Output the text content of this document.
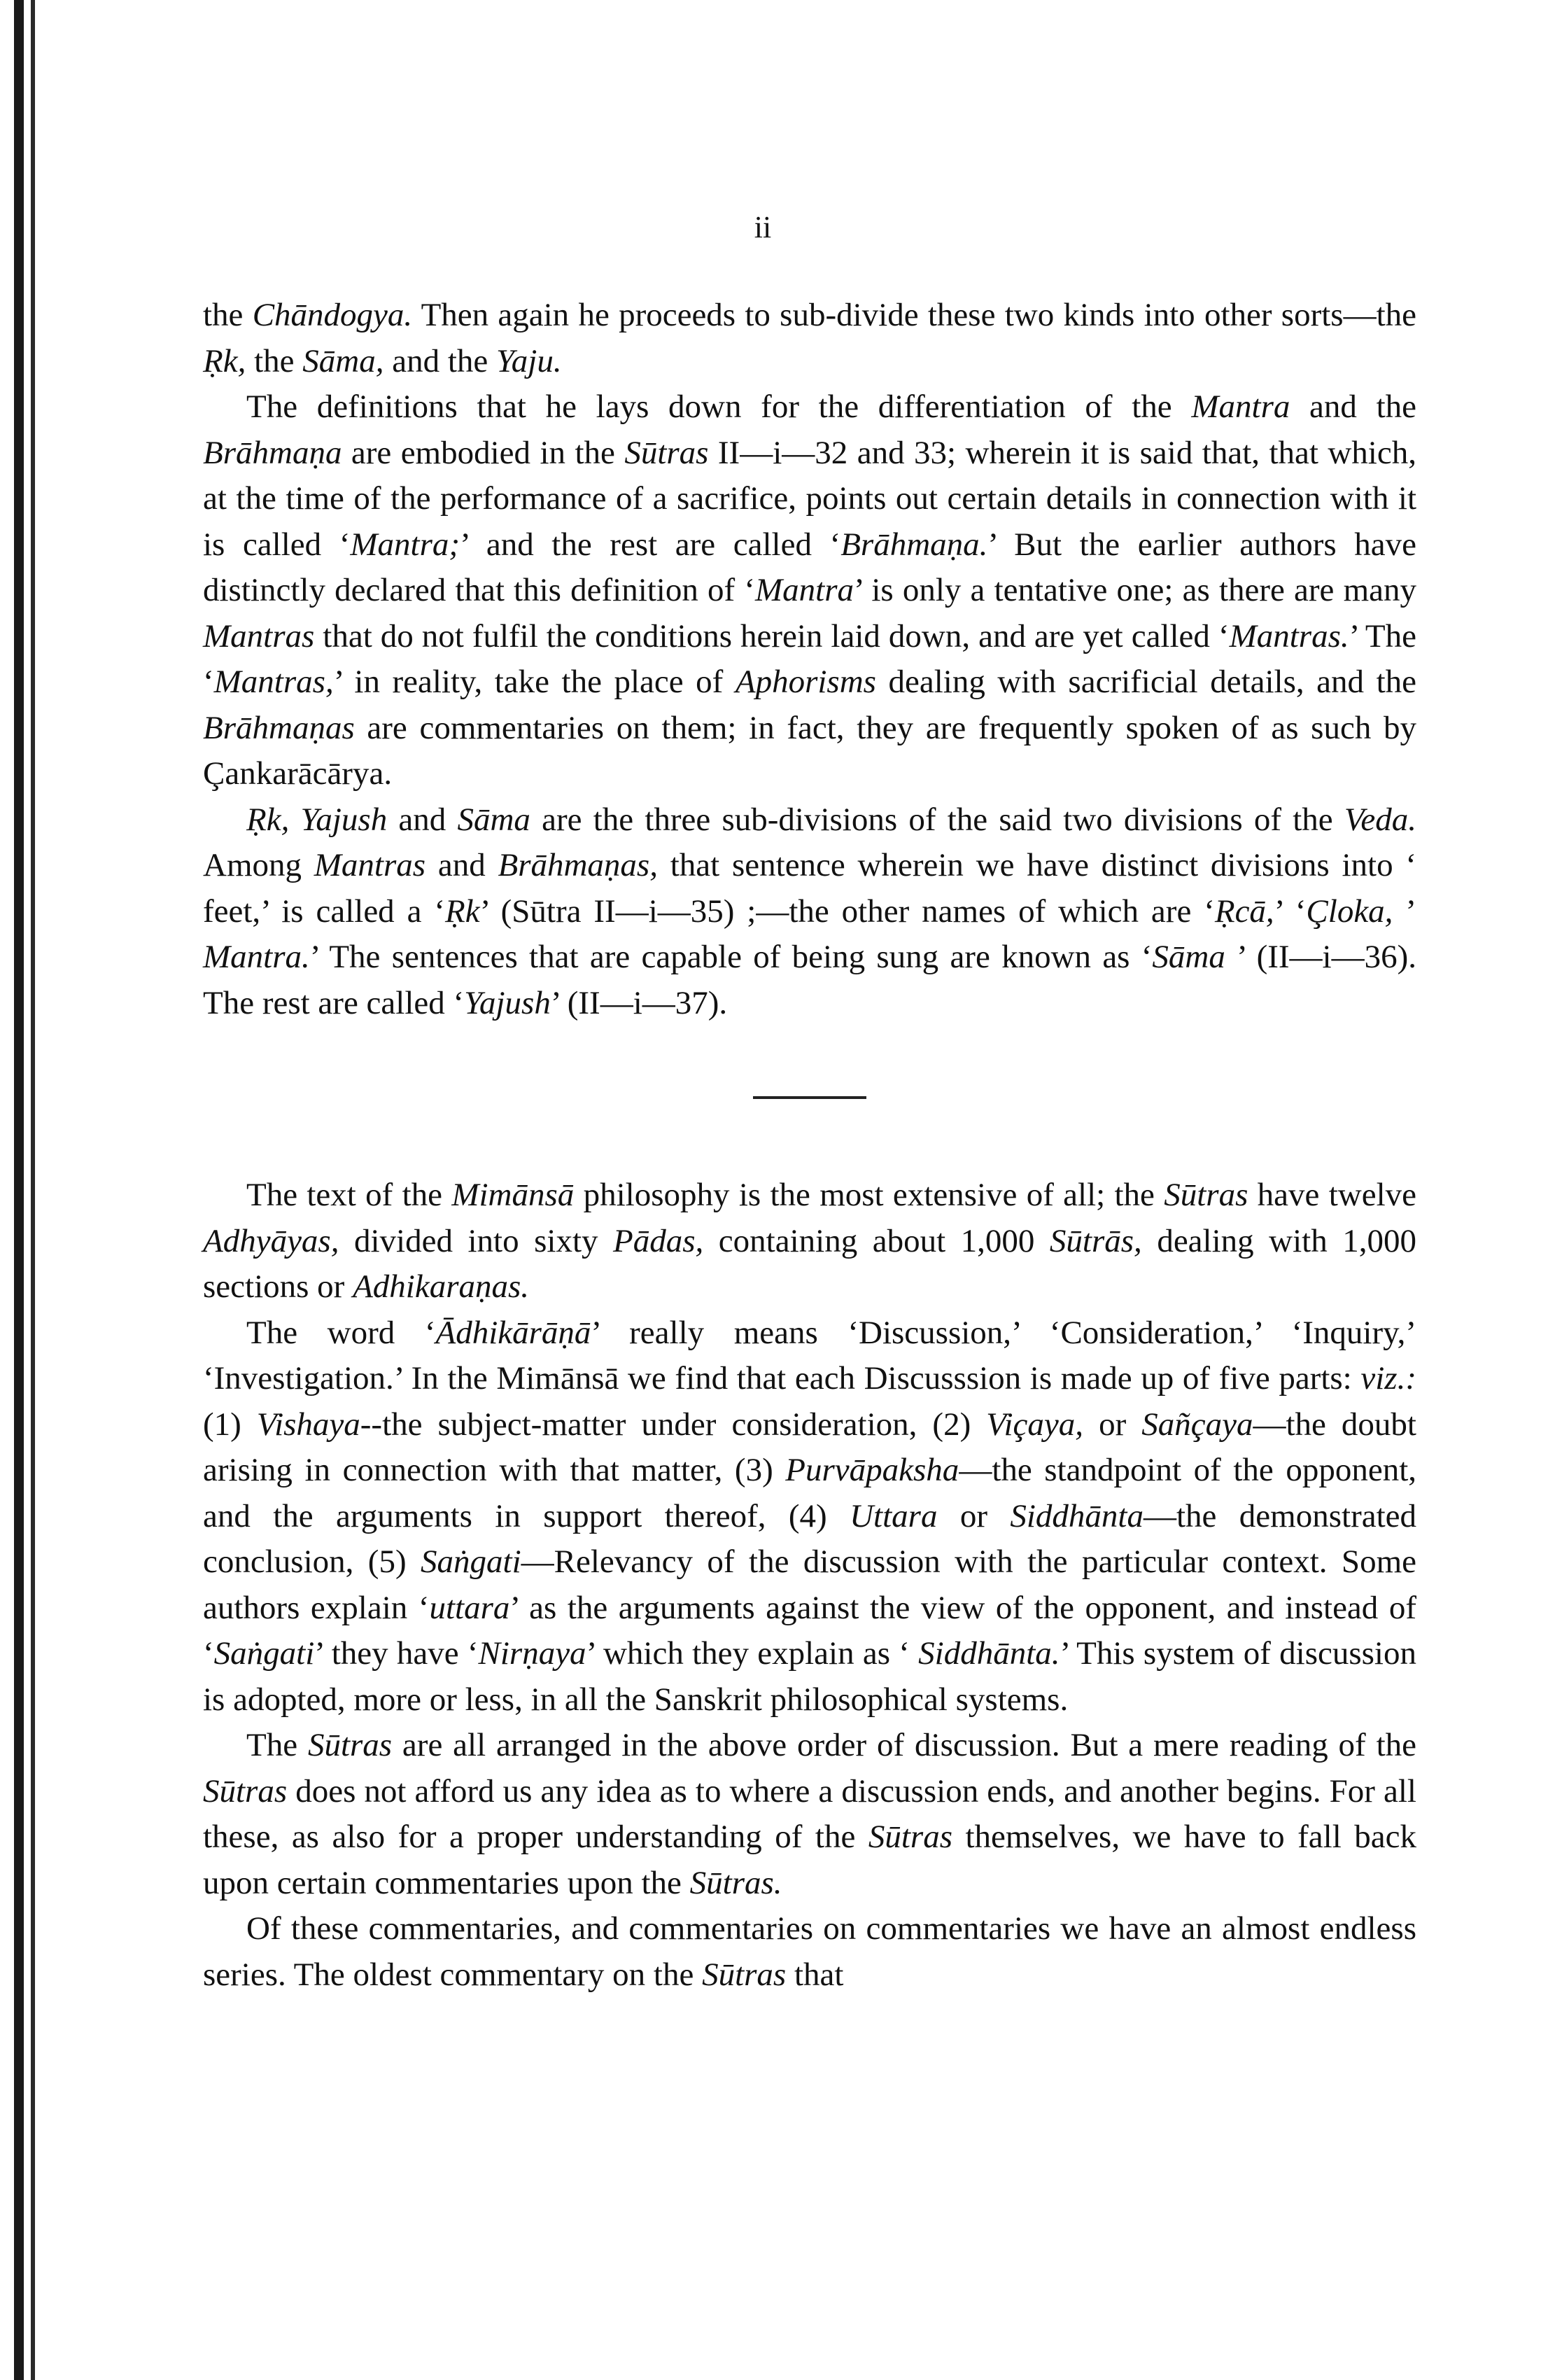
ii

the Chāndogya. Then again he proceeds to sub-divide these two kinds into other sorts—the Ṛk, the Sāma, and the Yaju.

The definitions that he lays down for the differentiation of the Mantra and the Brāhmaṇa are embodied in the Sūtras II—i—32 and 33; wherein it is said that, that which, at the time of the performance of a sacrifice, points out certain details in connection with it is called ‘Mantra;’ and the rest are called ‘Brāhmaṇa.’ But the earlier authors have distinctly declared that this definition of ‘Mantra’ is only a tentative one; as there are many Mantras that do not fulfil the conditions herein laid down, and are yet called ‘Mantras.’ The ‘Mantras,’ in reality, take the place of Aphorisms dealing with sacrificial details, and the Brāhmaṇas are commentaries on them; in fact, they are frequently spoken of as such by Çankarācārya.

Ṛk, Yajush and Sāma are the three sub-divisions of the said two divisions of the Veda. Among Mantras and Brāhmaṇas, that sentence wherein we have distinct divisions into ‘ feet,’ is called a ‘Ṛk’ (Sūtra II—i—35) ;—the other names of which are ‘Ṛcā,’ ‘Çloka, ’ Mantra.’ The sentences that are capable of being sung are known as ‘Sāma ’ (II—i—36). The rest are called ‘Yajush’ (II—i—37).

The text of the Mimānsā philosophy is the most extensive of all; the Sūtras have twelve Adhyāyas, divided into sixty Pādas, containing about 1,000 Sūtrās, dealing with 1,000 sections or Adhikaraṇas.

The word ‘Ādhikārāṇā’ really means ‘Discussion,’ ‘Consideration,’ ‘Inquiry,’ ‘Investigation.’ In the Mimānsā we find that each Discusssion is made up of five parts: viz.: (1) Vishaya--the subject-matter under consideration, (2) Viçaya, or Sañçaya—the doubt arising in connection with that matter, (3) Purvāpaksha—the standpoint of the opponent, and the arguments in support thereof, (4) Uttara or Siddhānta—the demonstrated conclusion, (5) Saṅgati—Relevancy of the discussion with the particular context. Some authors explain ‘uttara’ as the arguments against the view of the opponent, and instead of ‘Saṅgati’ they have ‘Nirṇaya’ which they explain as ‘ Siddhānta.’ This system of discussion is adopted, more or less, in all the Sanskrit philosophical systems.

The Sūtras are all arranged in the above order of discussion. But a mere reading of the Sūtras does not afford us any idea as to where a discussion ends, and another begins. For all these, as also for a proper understanding of the Sūtras themselves, we have to fall back upon certain commentaries upon the Sūtras.

Of these commentaries, and commentaries on commentaries we have an almost endless series. The oldest commentary on the Sūtras that
